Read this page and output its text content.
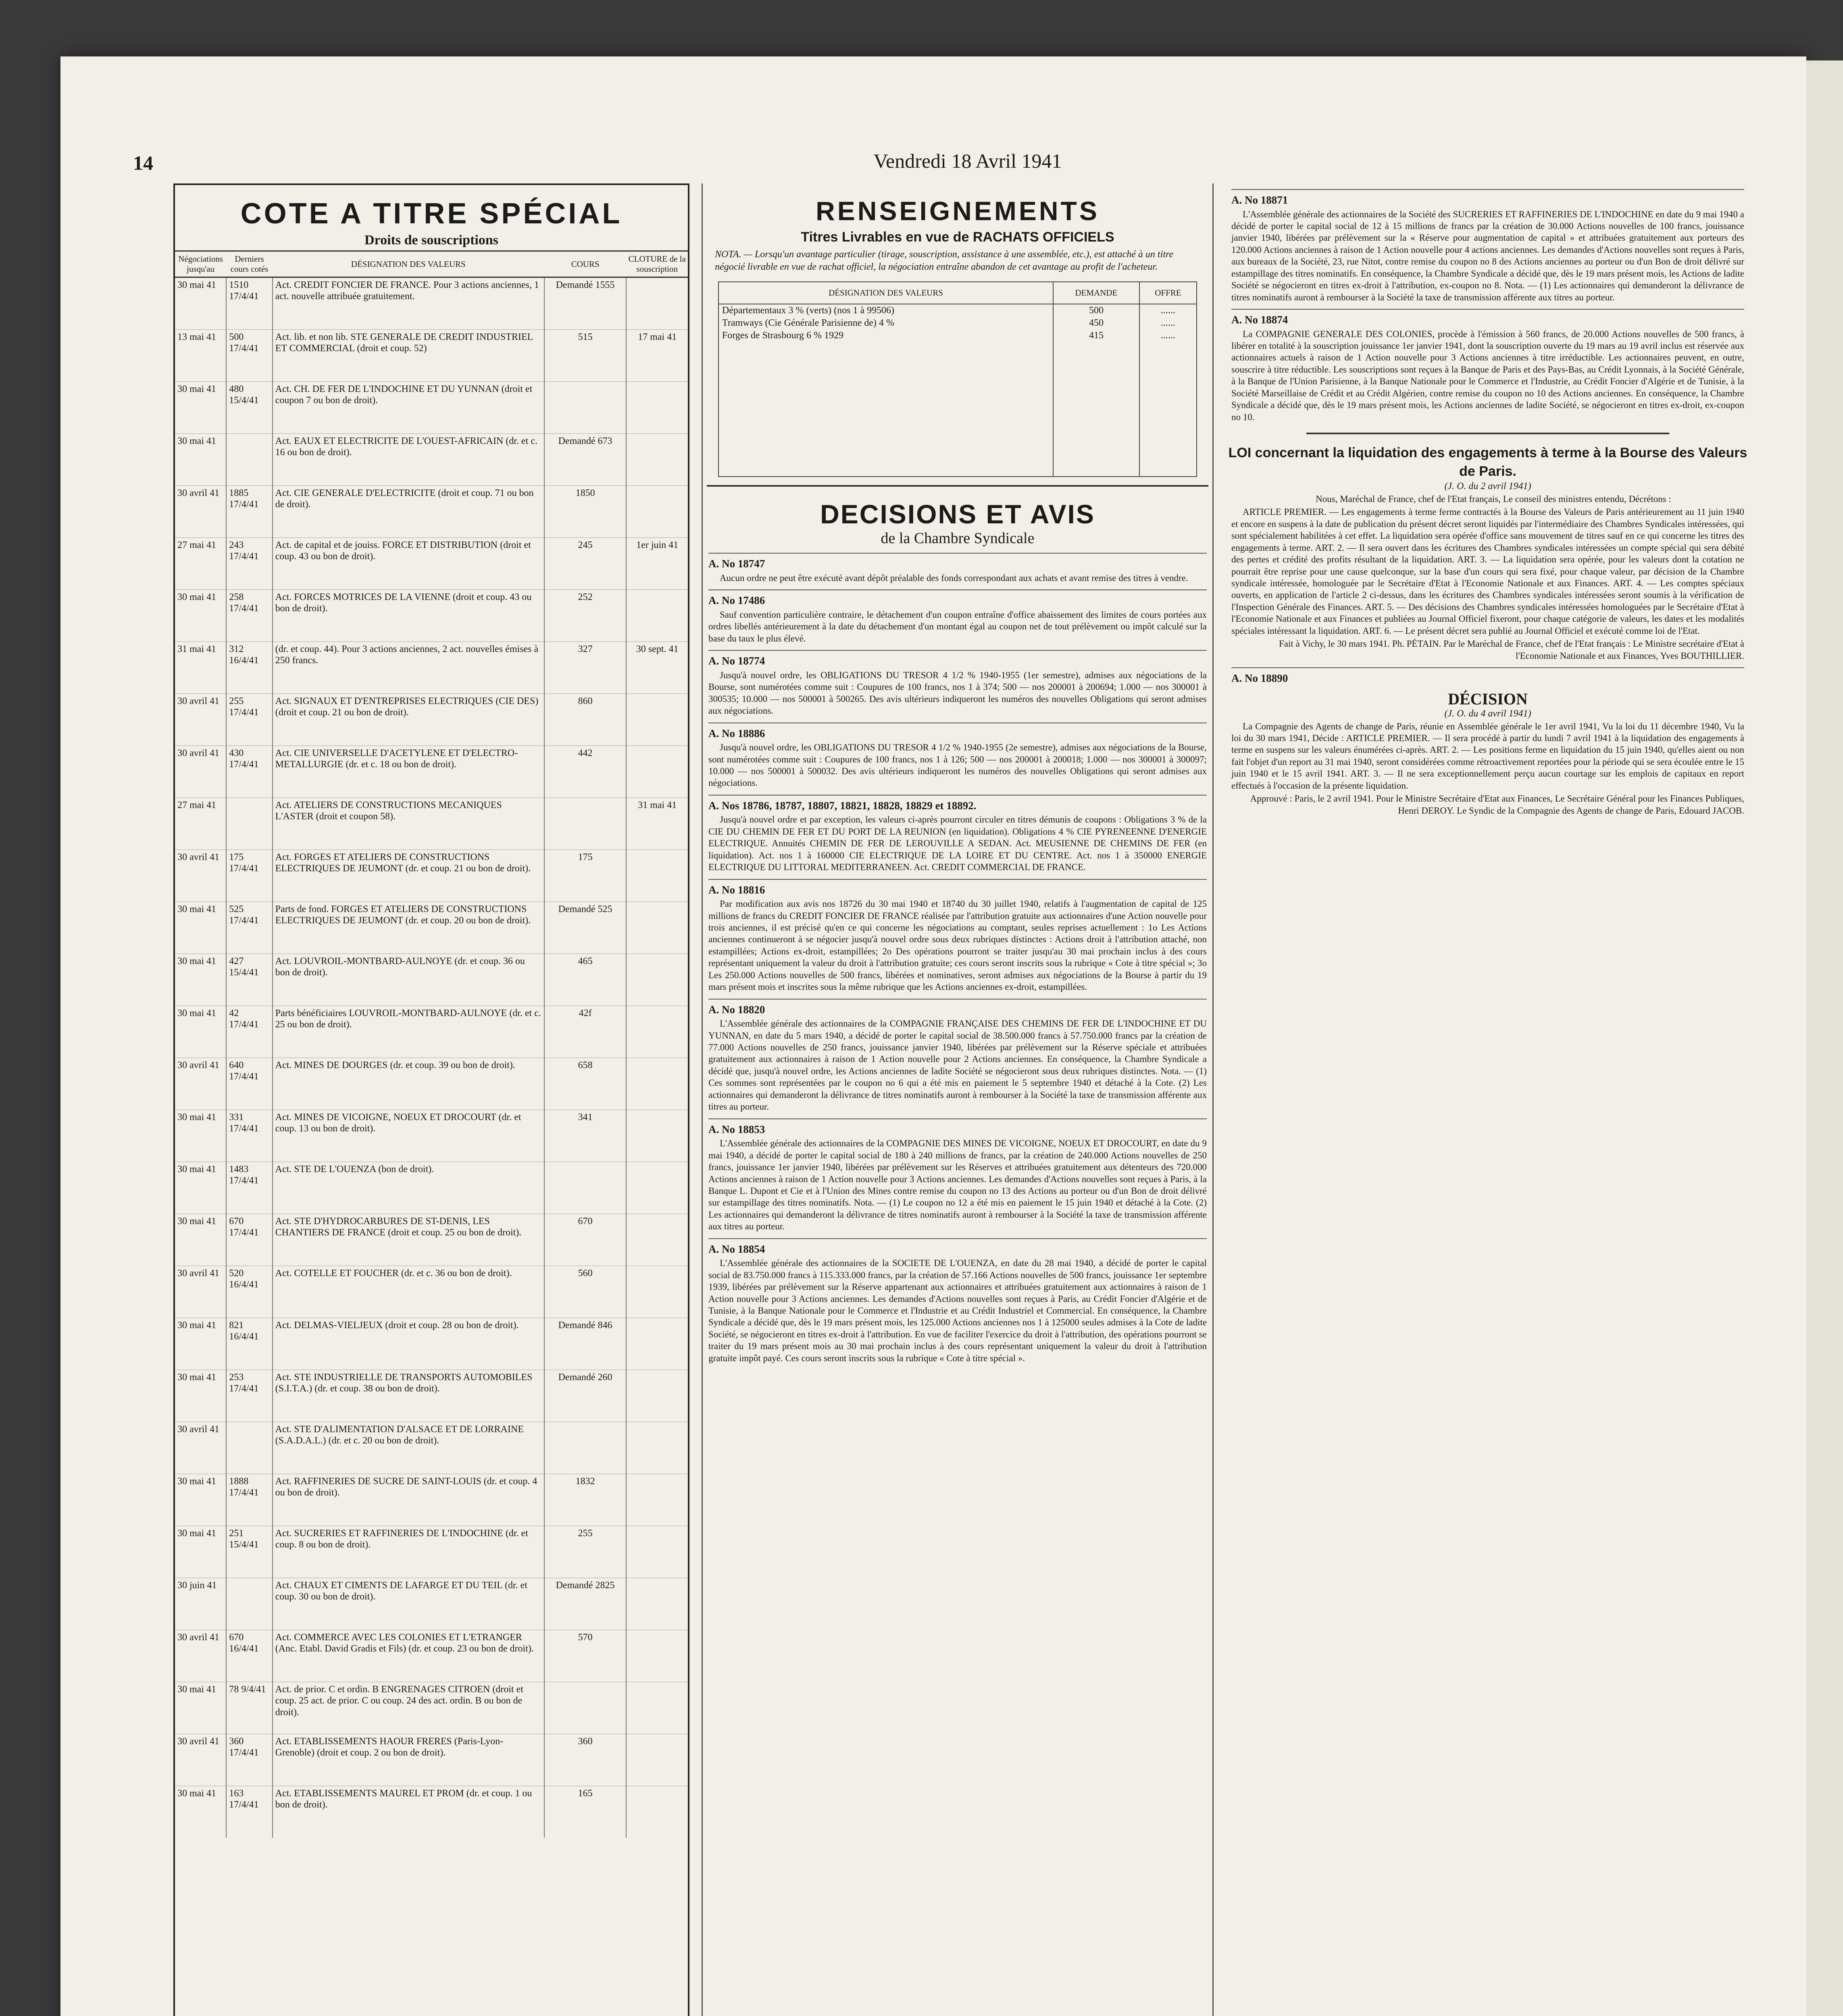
14	Vendredi 18 Avril 1941
COTE A TITRE SPÉCIAL
Droits de souscriptions
Négociations jusqu'au	Derniers cours cotés	DÉSIGNATION DES VALEURS	COURS	CLOTURE de la souscription
30 mai 41	1510 17/4/41	Act. CREDIT FONCIER DE FRANCE. Pour 3 actions anciennes, 1 act. nouvelle attribuée gratuitement.	Demandé 1555	
13 mai 41	500 17/4/41	Act. lib. et non lib. STE GENERALE DE CREDIT INDUSTRIEL ET COMMERCIAL (droit et coup. 52)	515	17 mai 41
30 mai 41	480 15/4/41	Act. CH. DE FER DE L'INDOCHINE ET DU YUNNAN (droit et coupon 7 ou bon de droit).		
30 mai 41		Act. EAUX ET ELECTRICITE DE L'OUEST-AFRICAIN (dr. et c. 16 ou bon de droit).	Demandé 673	
30 avril 41	1885 17/4/41	Act. CIE GENERALE D'ELECTRICITE (droit et coup. 71 ou bon de droit).	1850	
27 mai 41	243 17/4/41	Act. de capital et de jouiss. FORCE ET DISTRIBUTION (droit et coup. 43 ou bon de droit).	245	1er juin 41
30 mai 41	258 17/4/41	Act. FORCES MOTRICES DE LA VIENNE (droit et coup. 43 ou bon de droit).	252	
31 mai 41	312 16/4/41	(dr. et coup. 44). Pour 3 actions anciennes, 2 act. nouvelles émises à 250 francs.	327	30 sept. 41
30 avril 41	255 17/4/41	Act. SIGNAUX ET D'ENTREPRISES ELECTRIQUES (CIE DES) (droit et coup. 21 ou bon de droit).	860	
30 avril 41	430 17/4/41	Act. CIE UNIVERSELLE D'ACETYLENE ET D'ELECTRO-METALLURGIE (dr. et c. 18 ou bon de droit).	442	
27 mai 41		Act. ATELIERS DE CONSTRUCTIONS MECANIQUES L'ASTER (droit et coupon 58).		31 mai 41
30 avril 41	175 17/4/41	Act. FORGES ET ATELIERS DE CONSTRUCTIONS ELECTRIQUES DE JEUMONT (dr. et coup. 21 ou bon de droit).	175	
30 mai 41	525 17/4/41	Parts de fond. FORGES ET ATELIERS DE CONSTRUCTIONS ELECTRIQUES DE JEUMONT (dr. et coup. 20 ou bon de droit).	Demandé 525	
30 mai 41	427 15/4/41	Act. LOUVROIL-MONTBARD-AULNOYE (dr. et coup. 36 ou bon de droit).	465	
30 mai 41	42 17/4/41	Parts bénéficiaires LOUVROIL-MONTBARD-AULNOYE (dr. et c. 25 ou bon de droit).	42f	
30 avril 41	640 17/4/41	Act. MINES DE DOURGES (dr. et coup. 39 ou bon de droit).	658	
30 mai 41	331 17/4/41	Act. MINES DE VICOIGNE, NOEUX ET DROCOURT (dr. et coup. 13 ou bon de droit).	341	
30 mai 41	1483 17/4/41	Act. STE DE L'OUENZA (bon de droit).		
30 mai 41	670 17/4/41	Act. STE D'HYDROCARBURES DE ST-DENIS, LES CHANTIERS DE FRANCE (droit et coup. 25 ou bon de droit).	670	
30 avril 41	520 16/4/41	Act. COTELLE ET FOUCHER (dr. et c. 36 ou bon de droit).	560	
30 mai 41	821 16/4/41	Act. DELMAS-VIELJEUX (droit et coup. 28 ou bon de droit).	Demandé 846	
30 mai 41	253 17/4/41	Act. STE INDUSTRIELLE DE TRANSPORTS AUTOMOBILES (S.I.T.A.) (dr. et coup. 38 ou bon de droit).	Demandé 260	
30 avril 41		Act. STE D'ALIMENTATION D'ALSACE ET DE LORRAINE (S.A.D.A.L.) (dr. et c. 20 ou bon de droit).		
30 mai 41	1888 17/4/41	Act. RAFFINERIES DE SUCRE DE SAINT-LOUIS (dr. et coup. 4 ou bon de droit).	1832	
30 mai 41	251 15/4/41	Act. SUCRERIES ET RAFFINERIES DE L'INDOCHINE (dr. et coup. 8 ou bon de droit).	255	
30 juin 41		Act. CHAUX ET CIMENTS DE LAFARGE ET DU TEIL (dr. et coup. 30 ou bon de droit).	Demandé 2825	
30 avril 41	670 16/4/41	Act. COMMERCE AVEC LES COLONIES ET L'ETRANGER (Anc. Etabl. David Gradis et Fils) (dr. et coup. 23 ou bon de droit).	570	
30 mai 41	78 9/4/41	Act. de prior. C et ordin. B ENGRENAGES CITROEN (droit et coup. 25 act. de prior. C ou coup. 24 des act. ordin. B ou bon de droit).		
30 avril 41	360 17/4/41	Act. ETABLISSEMENTS HAOUR FRERES (Paris-Lyon-Grenoble) (droit et coup. 2 ou bon de droit).	360	
30 mai 41	163 17/4/41	Act. ETABLISSEMENTS MAUREL ET PROM (dr. et coup. 1 ou bon de droit).	165	
RENSEIGNEMENTS
Titres Livrables en vue de RACHATS OFFICIELS
NOTA. — Lorsqu'un avantage particulier (tirage, souscription, assistance à une assemblée, etc.), est attaché à un titre négocié livrable en vue de rachat officiel, la négociation entraîne abandon de cet avantage au profit de l'acheteur.
DÉSIGNATION DES VALEURS	DEMANDE	OFFRE
Départementaux 3 % (verts) (nos 1 à 99506)	500	......
Tramways (Cie Générale Parisienne de) 4 %	450	......
Forges de Strasbourg 6 % 1929	415	......
DECISIONS ET AVIS
de la Chambre Syndicale
A. No 18747

Aucun ordre ne peut être exécuté avant dépôt préalable des fonds correspondant aux achats et avant remise des titres à vendre.

A. No 17486

Sauf convention particulière contraire, le détachement d'un coupon entraîne d'office abaissement des limites de cours portées aux ordres libellés antérieurement à la date du détachement d'un montant égal au coupon net de tout prélèvement ou impôt calculé sur la base du taux le plus élevé.

A. No 18774

Jusqu'à nouvel ordre, les OBLIGATIONS DU TRESOR 4 1/2 % 1940-1955 (1er semestre), admises aux négociations de la Bourse, sont numérotées comme suit : Coupures de 100 francs, nos 1 à 374; 500 — nos 200001 à 200694; 1.000 — nos 300001 à 300535; 10.000 — nos 500001 à 500265. Des avis ultérieurs indiqueront les numéros des nouvelles Obligations qui seront admises aux négociations.

A. No 18886

Jusqu'à nouvel ordre, les OBLIGATIONS DU TRESOR 4 1/2 % 1940-1955 (2e semestre), admises aux négociations de la Bourse, sont numérotées comme suit : Coupures de 100 francs, nos 1 à 126; 500 — nos 200001 à 200018; 1.000 — nos 300001 à 300097; 10.000 — nos 500001 à 500032. Des avis ultérieurs indiqueront les numéros des nouvelles Obligations qui seront admises aux négociations.

A. Nos 18786, 18787, 18807, 18821, 18828, 18829 et 18892.

Jusqu'à nouvel ordre et par exception, les valeurs ci-après pourront circuler en titres démunis de coupons : Obligations 3 % de la CIE DU CHEMIN DE FER ET DU PORT DE LA REUNION (en liquidation). Obligations 4 % CIE PYRENEENNE D'ENERGIE ELECTRIQUE. Annuités CHEMIN DE FER DE LEROUVILLE A SEDAN. Act. MEUSIENNE DE CHEMINS DE FER (en liquidation). Act. nos 1 à 160000 CIE ELECTRIQUE DE LA LOIRE ET DU CENTRE. Act. nos 1 à 350000 ENERGIE ELECTRIQUE DU LITTORAL MEDITERRANEEN. Act. CREDIT COMMERCIAL DE FRANCE.

A. No 18816

Par modification aux avis nos 18726 du 30 mai 1940 et 18740 du 30 juillet 1940, relatifs à l'augmentation de capital de 125 millions de francs du CREDIT FONCIER DE FRANCE réalisée par l'attribution gratuite aux actionnaires d'une Action nouvelle pour trois anciennes, il est précisé qu'en ce qui concerne les négociations au comptant, seules reprises actuellement : 1o Les Actions anciennes continueront à se négocier jusqu'à nouvel ordre sous deux rubriques distinctes : Actions droit à l'attribution attaché, non estampillées; Actions ex-droit, estampillées; 2o Des opérations pourront se traiter jusqu'au 30 mai prochain inclus à des cours représentant uniquement la valeur du droit à l'attribution gratuite; ces cours seront inscrits sous la rubrique « Cote à titre spécial »; 3o Les 250.000 Actions nouvelles de 500 francs, libérées et nominatives, seront admises aux négociations de la Bourse à partir du 19 mars présent mois et inscrites sous la même rubrique que les Actions anciennes ex-droit, estampillées.

A. No 18820

L'Assemblée générale des actionnaires de la COMPAGNIE FRANÇAISE DES CHEMINS DE FER DE L'INDOCHINE ET DU YUNNAN, en date du 5 mars 1940, a décidé de porter le capital social de 38.500.000 francs à 57.750.000 francs par la création de 77.000 Actions nouvelles de 250 francs, jouissance janvier 1940, libérées par prélèvement sur la Réserve spéciale et attribuées gratuitement aux actionnaires à raison de 1 Action nouvelle pour 2 Actions anciennes. En conséquence, la Chambre Syndicale a décidé que, jusqu'à nouvel ordre, les Actions anciennes de ladite Société se négocieront sous deux rubriques distinctes. Nota. — (1) Ces sommes sont représentées par le coupon no 6 qui a été mis en paiement le 5 septembre 1940 et détaché à la Cote. (2) Les actionnaires qui demanderont la délivrance de titres nominatifs auront à rembourser à la Société la taxe de transmission afférente aux titres au porteur.

A. No 18853

L'Assemblée générale des actionnaires de la COMPAGNIE DES MINES DE VICOIGNE, NOEUX ET DROCOURT, en date du 9 mai 1940, a décidé de porter le capital social de 180 à 240 millions de francs, par la création de 240.000 Actions nouvelles de 250 francs, jouissance 1er janvier 1940, libérées par prélèvement sur les Réserves et attribuées gratuitement aux détenteurs des 720.000 Actions anciennes à raison de 1 Action nouvelle pour 3 Actions anciennes. Les demandes d'Actions nouvelles sont reçues à Paris, à la Banque L. Dupont et Cie et à l'Union des Mines contre remise du coupon no 13 des Actions au porteur ou d'un Bon de droit délivré sur estampillage des titres nominatifs. Nota. — (1) Le coupon no 12 a été mis en paiement le 15 juin 1940 et détaché à la Cote. (2) Les actionnaires qui demanderont la délivrance de titres nominatifs auront à rembourser à la Société la taxe de transmission afférente aux titres au porteur.

A. No 18854

L'Assemblée générale des actionnaires de la SOCIETE DE L'OUENZA, en date du 28 mai 1940, a décidé de porter le capital social de 83.750.000 francs à 115.333.000 francs, par la création de 57.166 Actions nouvelles de 500 francs, jouissance 1er septembre 1939, libérées par prélèvement sur la Réserve appartenant aux actionnaires et attribuées gratuitement aux actionnaires à raison de 1 Action nouvelle pour 3 Actions anciennes. Les demandes d'Actions nouvelles sont reçues à Paris, au Crédit Foncier d'Algérie et de Tunisie, à la Banque Nationale pour le Commerce et l'Industrie et au Crédit Industriel et Commercial. En conséquence, la Chambre Syndicale a décidé que, dès le 19 mars présent mois, les 125.000 Actions anciennes nos 1 à 125000 seules admises à la Cote de ladite Société, se négocieront en titres ex-droit à l'attribution. En vue de faciliter l'exercice du droit à l'attribution, des opérations pourront se traiter du 19 mars présent mois au 30 mai prochain inclus à des cours représentant uniquement la valeur du droit à l'attribution gratuite impôt payé. Ces cours seront inscrits sous la rubrique « Cote à titre spécial ».

A. No 18871

L'Assemblée générale des actionnaires de la Société des SUCRERIES ET RAFFINERIES DE L'INDOCHINE en date du 9 mai 1940 a décidé de porter le capital social de 12 à 15 millions de francs par la création de 30.000 Actions nouvelles de 100 francs, jouissance janvier 1940, libérées par prélèvement sur la « Réserve pour augmentation de capital » et attribuées gratuitement aux porteurs des 120.000 Actions anciennes à raison de 1 Action nouvelle pour 4 actions anciennes. Les demandes d'Actions nouvelles sont reçues à Paris, aux bureaux de la Société, 23, rue Nitot, contre remise du coupon no 8 des Actions anciennes au porteur ou d'un Bon de droit délivré sur estampillage des titres nominatifs. En conséquence, la Chambre Syndicale a décidé que, dès le 19 mars présent mois, les Actions de ladite Société se négocieront en titres ex-droit à l'attribution, ex-coupon no 8. Nota. — (1) Les actionnaires qui demanderont la délivrance de titres nominatifs auront à rembourser à la Société la taxe de transmission afférente aux titres au porteur.

A. No 18874

La COMPAGNIE GENERALE DES COLONIES, procède à l'émission à 560 francs, de 20.000 Actions nouvelles de 500 francs, à libérer en totalité à la souscription jouissance 1er janvier 1941, dont la souscription ouverte du 19 mars au 19 avril inclus est réservée aux actionnaires actuels à raison de 1 Action nouvelle pour 3 Actions anciennes à titre irréductible. Les actionnaires peuvent, en outre, souscrire à titre réductible. Les souscriptions sont reçues à la Banque de Paris et des Pays-Bas, au Crédit Lyonnais, à la Société Générale, à la Banque de l'Union Parisienne, à la Banque Nationale pour le Commerce et l'Industrie, au Crédit Foncier d'Algérie et de Tunisie, à la Société Marseillaise de Crédit et au Crédit Algérien, contre remise du coupon no 10 des Actions anciennes. En conséquence, la Chambre Syndicale a décidé que, dès le 19 mars présent mois, les Actions anciennes de ladite Société, se négocieront en titres ex-droit, ex-coupon no 10.

LOI concernant la liquidation des engagements à terme à la Bourse des Valeurs de Paris.
(J. O. du 2 avril 1941)

Nous, Maréchal de France, chef de l'Etat français, Le conseil des ministres entendu, Décrétons :

ARTICLE PREMIER. — Les engagements à terme ferme contractés à la Bourse des Valeurs de Paris antérieurement au 11 juin 1940 et encore en suspens à la date de publication du présent décret seront liquidés par l'intermédiaire des Chambres Syndicales intéressées, qui sont spécialement habilitées à cet effet. La liquidation sera opérée d'office sans mouvement de titres sauf en ce qui concerne les titres des engagements à terme. ART. 2. — Il sera ouvert dans les écritures des Chambres syndicales intéressées un compte spécial qui sera débité des pertes et crédité des profits résultant de la liquidation. ART. 3. — La liquidation sera opérée, pour les valeurs dont la cotation ne pourrait être reprise pour une cause quelconque, sur la base d'un cours qui sera fixé, pour chaque valeur, par décision de la Chambre syndicale intéressée, homologuée par le Secrétaire d'Etat à l'Economie Nationale et aux Finances. ART. 4. — Les comptes spéciaux ouverts, en application de l'article 2 ci-dessus, dans les écritures des Chambres syndicales intéressées seront soumis à la vérification de l'Inspection Générale des Finances. ART. 5. — Des décisions des Chambres syndicales intéressées homologuées par le Secrétaire d'Etat à l'Economie Nationale et aux Finances et publiées au Journal Officiel fixeront, pour chaque catégorie de valeurs, les dates et les modalités spéciales intéressant la liquidation. ART. 6. — Le présent décret sera publié au Journal Officiel et exécuté comme loi de l'Etat.

Fait à Vichy, le 30 mars 1941. Ph. PÉTAIN. Par le Maréchal de France, chef de l'Etat français : Le Ministre secrétaire d'Etat à l'Economie Nationale et aux Finances, Yves BOUTHILLIER.

A. No 18890
DÉCISION
(J. O. du 4 avril 1941)

La Compagnie des Agents de change de Paris, réunie en Assemblée générale le 1er avril 1941, Vu la loi du 11 décembre 1940, Vu la loi du 30 mars 1941, Décide : ARTICLE PREMIER. — Il sera procédé à partir du lundi 7 avril 1941 à la liquidation des engagements à terme en suspens sur les valeurs énumérées ci-après. ART. 2. — Les positions ferme en liquidation du 15 juin 1940, qu'elles aient ou non fait l'objet d'un report au 31 mai 1940, seront considérées comme rétroactivement reportées pour la période qui se sera écoulée entre le 15 juin 1940 et le 15 avril 1941. ART. 3. — Il ne sera exceptionnellement perçu aucun courtage sur les emplois de capitaux en report effectués à l'occasion de la présente liquidation.

Approuvé : Paris, le 2 avril 1941. Pour le Ministre Secrétaire d'Etat aux Finances, Le Secrétaire Général pour les Finances Publiques, Henri DEROY. Le Syndic de la Compagnie des Agents de change de Paris, Edouard JACOB.
